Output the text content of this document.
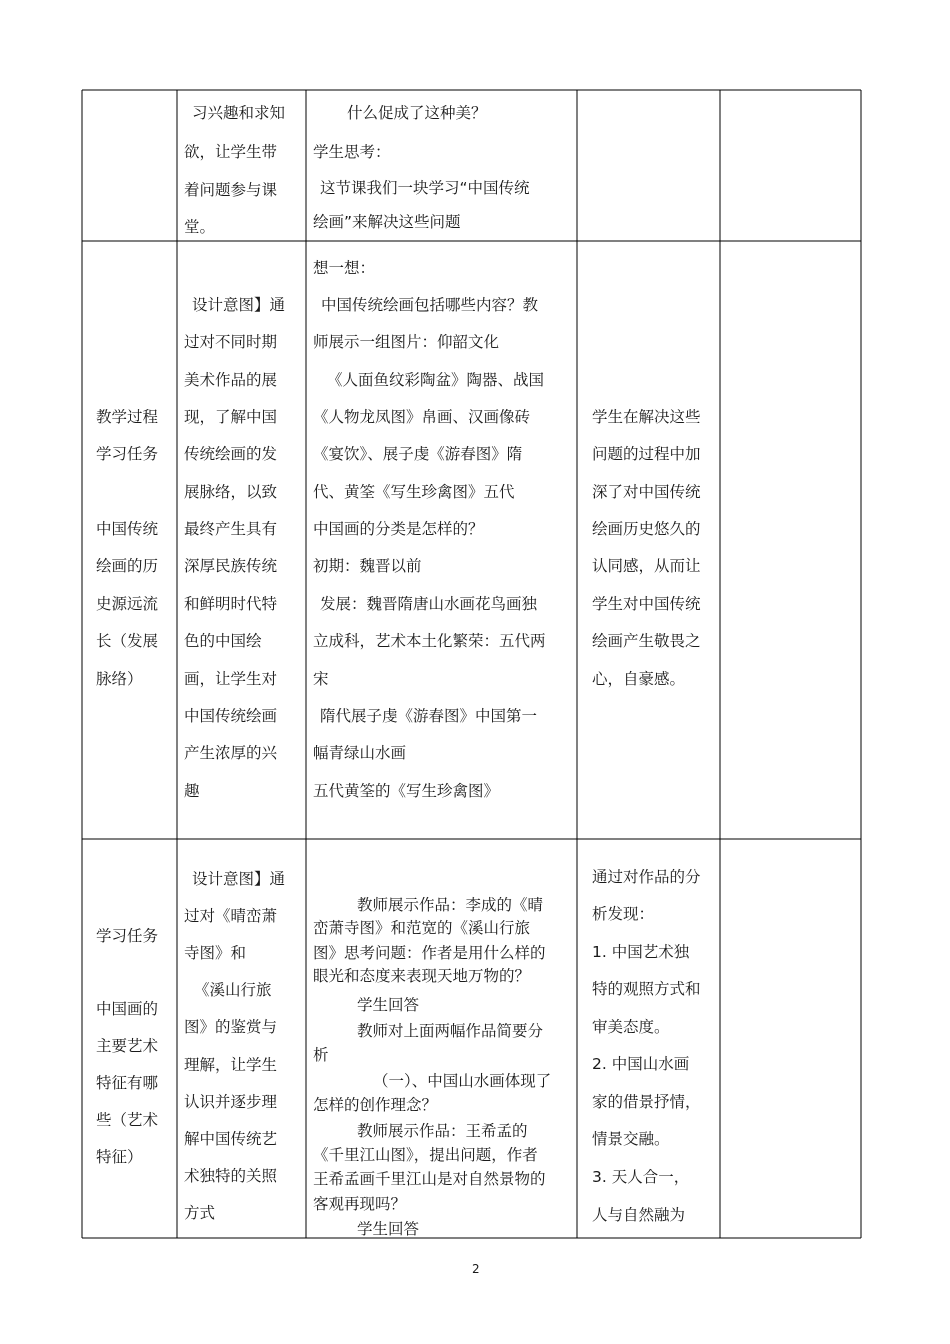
习兴趣和求知
欲，让学生带
着问题参与课
堂。
什么促成了这种美？
学生思考：
这节课我们一块学习“中国传统
绘画”来解决这些问题
教学过程
学习任务
中国传统
绘画的历
史源远流
长（发展
脉络）
设计意图】通
过对不同时期
美术作品的展
现，了解中国
传统绘画的发
展脉络，以致
最终产生具有
深厚民族传统
和鲜明时代特
色的中国绘
画，让学生对
中国传统绘画
产生浓厚的兴
趣
想一想：
中国传统绘画包括哪些内容？教
师展示一组图片：仰韶文化
《人面鱼纹彩陶盆》陶器、战国
《人物龙凤图》帛画、汉画像砖
《宴饮》、展子虔《游春图》隋
代、黄筌《写生珍禽图》五代
中国画的分类是怎样的？
初期：魏晋以前
发展：魏晋隋唐山水画花鸟画独
立成科，艺术本土化繁荣：五代两
宋
隋代展子虔《游春图》中国第一
幅青绿山水画
五代黄筌的《写生珍禽图》
学生在解决这些
问题的过程中加
深了对中国传统
绘画历史悠久的
认同感，从而让
学生对中国传统
绘画产生敬畏之
心，自豪感。
学习任务
中国画的
主要艺术
特征有哪
些（艺术
特征）
设计意图】通
过对《晴峦萧
寺图》和
《溪山行旅
图》的鉴赏与
理解，让学生
认识并逐步理
解中国传统艺
术独特的关照
方式
教师展示作品：李成的《晴
峦萧寺图》和范宽的《溪山行旅
图》思考问题：作者是用什么样的
眼光和态度来表现天地万物的？
学生回答
教师对上面两幅作品简要分
析
（一）、中国山水画体现了
怎样的创作理念？
教师展示作品：王希孟的
《千里江山图》，提出问题，作者
王希孟画千里江山是对自然景物的
客观再现吗？
学生回答
通过对作品的分
析发现：
1. 中国艺术独
特的观照方式和
审美态度。
2. 中国山水画
家的借景抒情，
情景交融。
3. 天人合一，
人与自然融为
2
